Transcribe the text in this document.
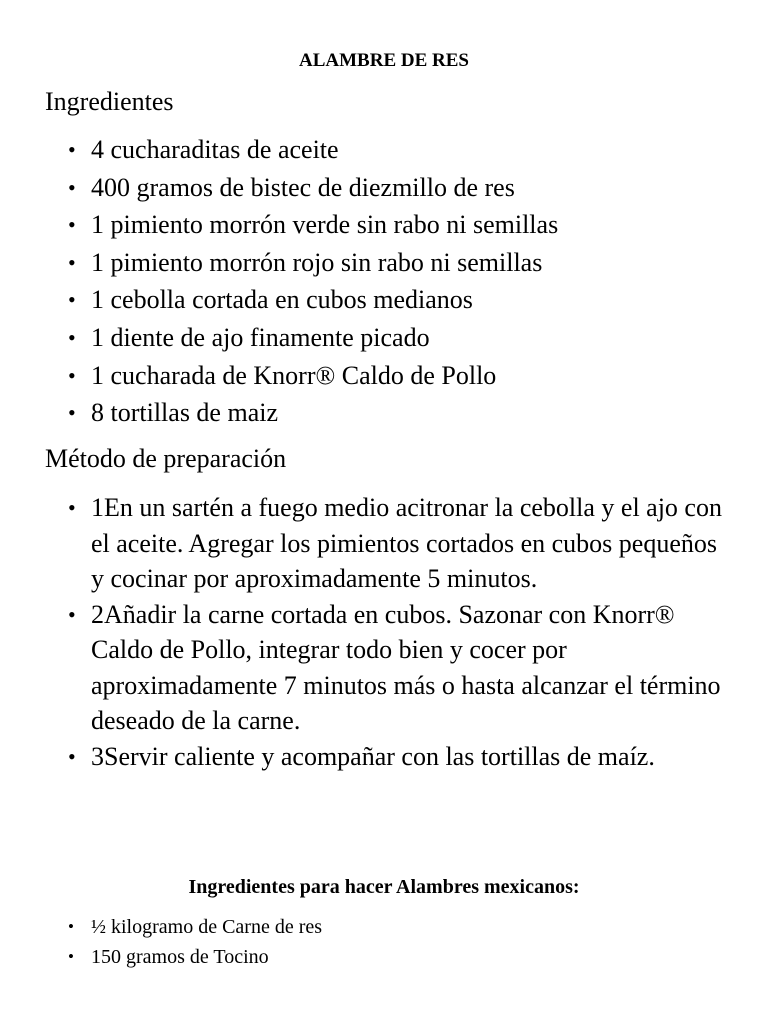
ALAMBRE DE RES
Ingredientes
• 4 cucharaditas de aceite
• 400 gramos de bistec de diezmillo de res
• 1 pimiento morrón verde sin rabo ni semillas
• 1 pimiento morrón rojo sin rabo ni semillas
• 1 cebolla cortada en cubos medianos
• 1 diente de ajo finamente picado
• 1 cucharada de Knorr® Caldo de Pollo
• 8 tortillas de maiz
Método de preparación
• 1En un sartén a fuego medio acitronar la cebolla y el ajo con el aceite. Agregar los pimientos cortados en cubos pequeños y cocinar por aproximadamente 5 minutos.
• 2Añadir la carne cortada en cubos. Sazonar con Knorr® Caldo de Pollo, integrar todo bien y cocer por aproximadamente 7 minutos más o hasta alcanzar el término deseado de la carne.
• 3Servir caliente y acompañar con las tortillas de maíz.
Ingredientes para hacer Alambres mexicanos:
• ½ kilogramo de Carne de res
• 150 gramos de Tocino
